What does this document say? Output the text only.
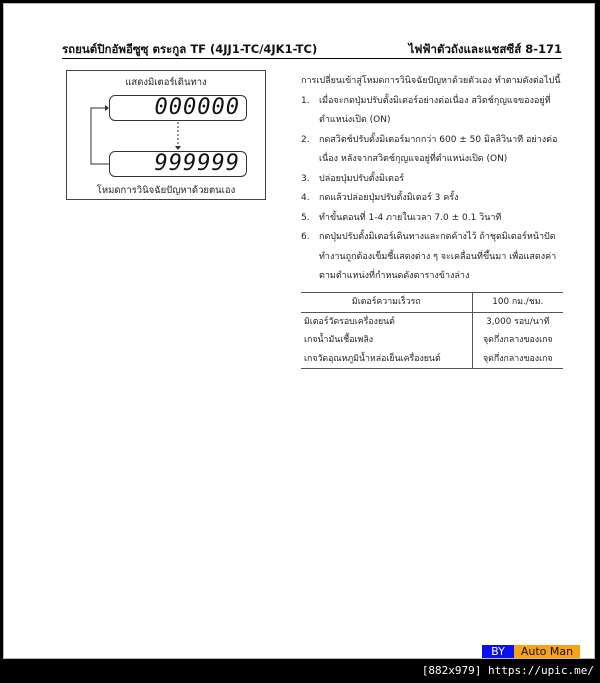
รถยนต์ปิกอัพอีซูซุ ตระกูล TF (4JJ1-TC/4JK1-TC)	ไฟฟ้าตัวถังและแชสซีส์ 8-171
แสดงมิเตอร์เดินทาง
000000
999999
โหมดการวินิจฉัยปัญหาด้วยตนเอง
การเปลี่ยนเข้าสู่โหมดการวินิจฉัยปัญหาด้วยตัวเอง ทำตามดังต่อไปนี้
1. เมื่อจะกดปุ่มปรับตั้งมิเตอร์อย่างต่อเนื่อง สวิตช์กุญแจของอยู่ที่ตำแหน่งเปิด (ON)
2. กดสวิตช์ปรับตั้งมิเตอร์มากกว่า 600 ± 50 มิลลิวินาที อย่างต่อเนื่อง หลังจากสวิตช์กุญแจอยู่ที่ตำแหน่งเปิด (ON)
3. ปล่อยปุ่มปรับตั้งมิเตอร์
4. กดแล้วปล่อยปุ่มปรับตั้งมิเตอร์ 3 ครั้ง
5. ทำขั้นตอนที่ 1-4 ภายในเวลา 7.0 ± 0.1 วินาที
6. กดปุ่มปรับตั้งมิเตอร์เดินทางและกดค้างไว้ ถ้าชุดมิเตอร์หน้าปัดทำงานถูกต้องเข็มชี้แสดงต่าง ๆ จะเคลื่อนที่ขึ้นมา เพื่อแสดงค่าตามตำแหน่งที่กำหนดดังตารางข้างล่าง
มิเตอร์ความเร็วรถ	100 กม./ชม.
มิเตอร์วัดรอบเครื่องยนต์	3,000 รอบ/นาที
เกจน้ำมันเชื้อเพลิง	จุดกึ่งกลางของเกจ
เกจวัดอุณหภูมิน้ำหล่อเย็นเครื่องยนต์	จุดกึ่งกลางของเกจ
BY	Auto Man
[882x979] https://upic.me/
